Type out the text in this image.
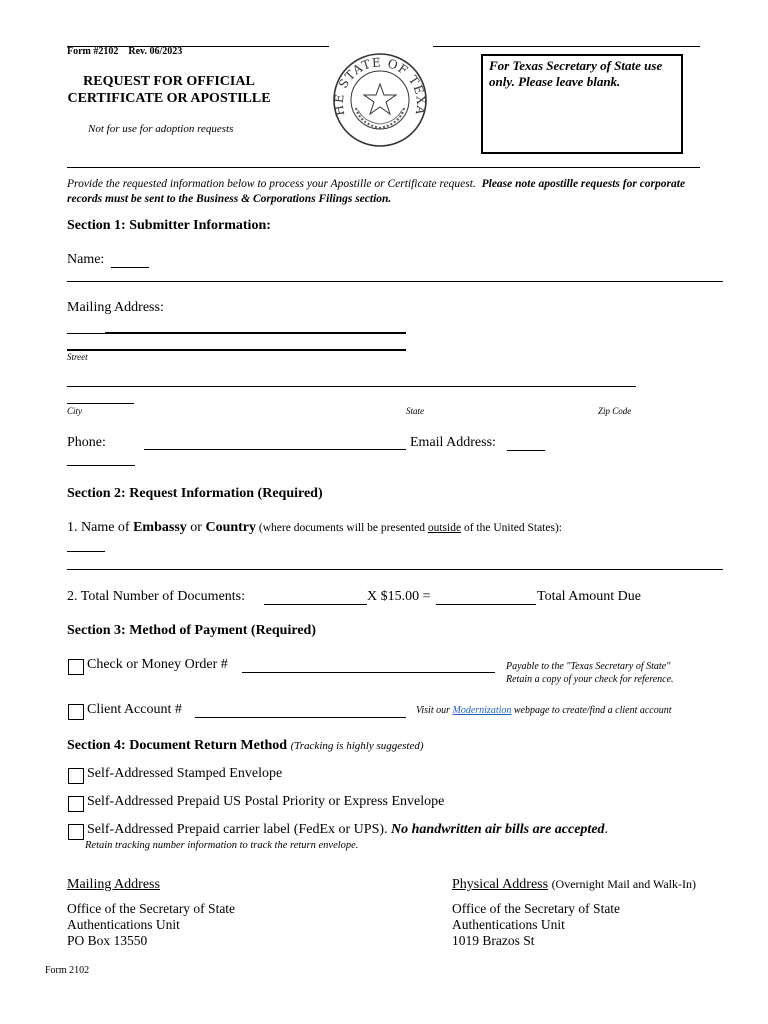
Form #2102 Rev. 06/2023
REQUEST FOR OFFICIAL
CERTIFICATE OR APOSTILLE
Not for use for adoption requests
HE STATE OF TEXA
For Texas Secretary of State use only. Please leave blank.
Provide the requested information below to process your Apostille or Certificate request. Please note apostille requests for corporate records must be sent to the Business & Corporations Filings section.
Section 1: Submitter Information:
Name:
Mailing Address:
Street
City	State	Zip Code
Phone:	Email Address:
Section 2: Request Information (Required)
1. Name of Embassy or Country (where documents will be presented outside of the United States):
2. Total Number of Documents:	X $15.00 =	Total Amount Due
Section 3: Method of Payment (Required)
Check or Money Order #	Payable to the "Texas Secretary of State"
Retain a copy of your check for reference.
Client Account #	Visit our Modernization webpage to create/find a client account
Section 4: Document Return Method (Tracking is highly suggested)
Self-Addressed Stamped Envelope
Self-Addressed Prepaid US Postal Priority or Express Envelope
Self-Addressed Prepaid carrier label (FedEx or UPS). No handwritten air bills are accepted.
Retain tracking number information to track the return envelope.
Mailing Address
Office of the Secretary of State
Authentications Unit
PO Box 13550
Physical Address (Overnight Mail and Walk-In)
Office of the Secretary of State
Authentications Unit
1019 Brazos St
Form 2102
